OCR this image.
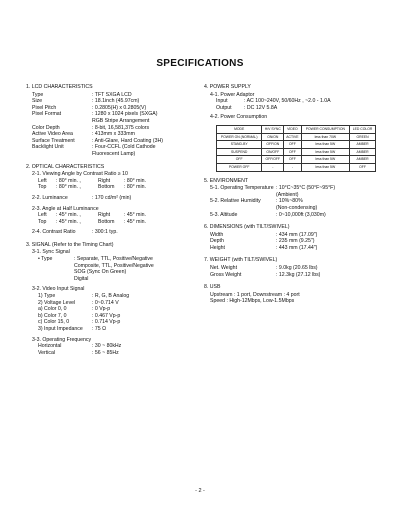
SPECIFICATIONS
1. LCD CHARACTERISTICS
Type	: TFT SXGA LCD
Size	: 18.1inch (45.97cm)
Pixel Pitch	: 0.2805(H) x 0.2805(V)
Pixel Format	: 1280 x 1024 pixels (SXGA)
RGB Stripe Arrangement
Color Depth	: 8-bit, 16,581,375 colors
Active Video Area	: 413mm x 333mm
Surface Treatment	: Anti-Glare, Hard Coating (3H)
Backlight Unit	: Four-CCFL (Cold Cathode
Fluorescent Lamp)
2. OPTICAL CHARACTERISTICS
2-1. Viewing Angle by Contrast Ratio ≥ 10
Left	: 80° min. ,	Right	: 80° min.
Top	: 80° min. ,	Bottom	: 80° min.
2-2. Luminance	: 170 cd/m² (min)
2-3. Angle at Half Luminance
Left	: 45° min. ,	Right	: 45° min.
Top	: 45° min. ,	Bottom	: 45° min.
2-4. Contrast Ratio	: 300:1 typ.
3. SIGNAL (Refer to the Timing Chart)
3-1. Sync Signal
• Type	: Separate, TTL, Positive/Negative
Composite, TTL, Positive/Negative
SOG (Sync On Green)
Digital
3-2. Video Input Signal
1) Type	: R, G, B Analog
2) Voltage Level	: 0~0.714 V
a) Color 0, 0	: 0 Vp-p
b) Color 7, 0	: 0.467 Vp-p
c) Color 15, 0	: 0.714 Vp-p
3) Input Impedance	: 75 Ω
3-3. Operating Frequency
Horizontal	: 30 ~ 80kHz
Vertical	: 56 ~ 85Hz
4. POWER SUPPLY
4-1. Power Adaptor
Input	: AC 100~240V, 50/60Hz , ~2.0 - 1.0A
Output	: DC 12V 5.8A
4-2. Power Consumption
MODE	H/V SYNC	VIDEO	POWER CONSUMPTION	LED COLOR
POWER ON (NORMAL)	ON/ON	ACTIVE	less than 70W	GREEN
STAND-BY	OFF/ON	OFF	less than 5W	AMBER
SUSPEND	ON/OFF	OFF	less than 5W	AMBER
OFF	OFF/OFF	OFF	less than 5W	AMBER
POWER OFF	-	-	less than 5W	OFF
5. ENVIRONMENT
5-1. Operating Temperature : 10°C~35°C (50°F~95°F)
(Ambient)
5-2. Relative Humidity	: 10%~80%
(Non-condensing)
5-3. Altitude	: 0~10,000ft (3,030m)
6. DIMENSIONS (with TILT/SWIVEL)
Width	: 434 mm (17.09")
Depth	: 235 mm (9.25")
Height	: 443 mm (17.44")
7. WEIGHT (with TILT/SWIVEL)
Net. Weight	: 9.0kg (20.65 lbs)
Gross Weight	: 12.3kg (27.12 lbs)
8. USB
Upstream : 1 port, Downstream : 4 port
Speed : High-12Mbps, Low-1.5Mbps
- 2 -
